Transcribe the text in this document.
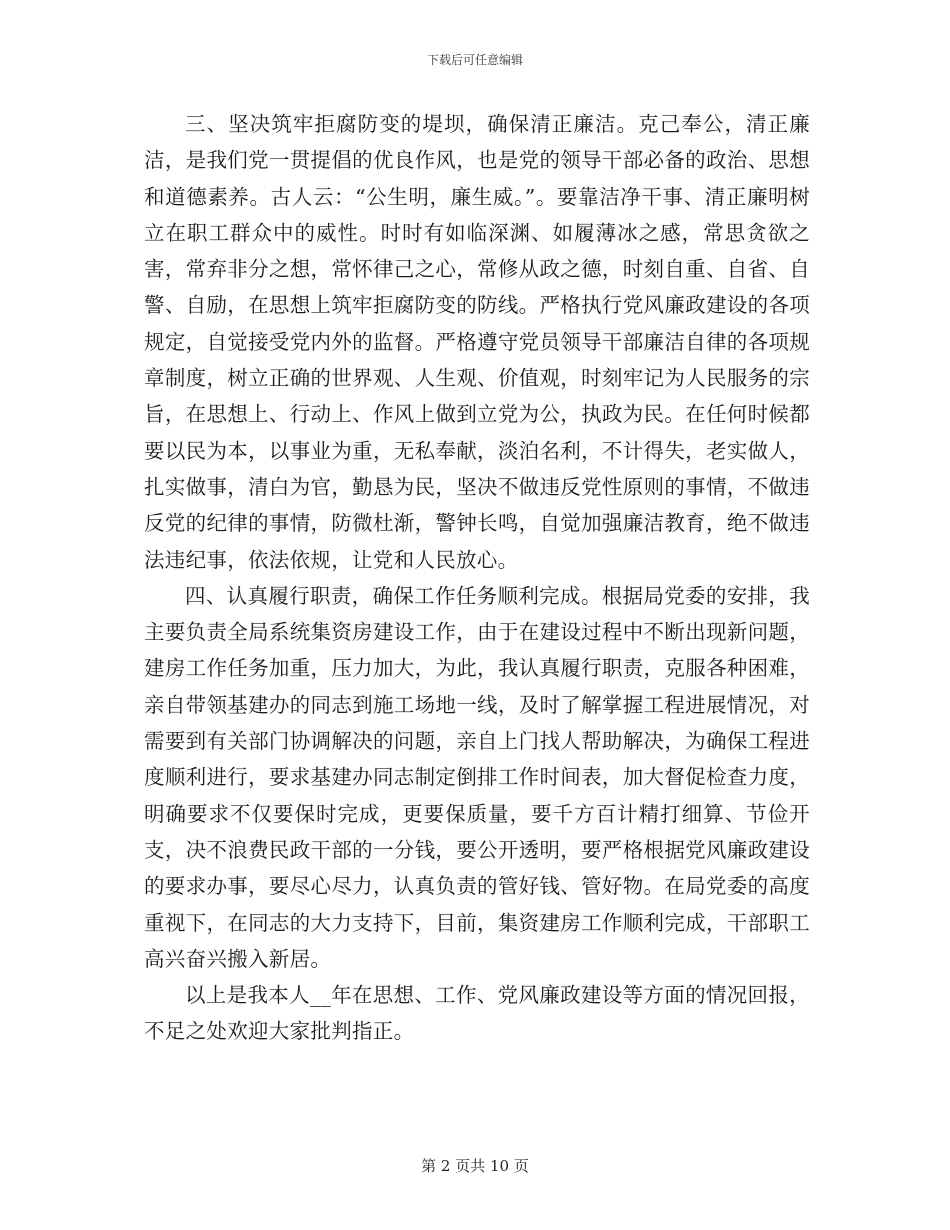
下载后可任意编辑

三、坚决筑牢拒腐防变的堤坝，确保清正廉洁。克己奉公，清正廉洁，是我们党一贯提倡的优良作风，也是党的领导干部必备的政治、思想和道德素养。古人云：“公生明，廉生威。”。要靠洁净干事、清正廉明树立在职工群众中的威性。时时有如临深渊、如履薄冰之感，常思贪欲之害，常弃非分之想，常怀律己之心，常修从政之德，时刻自重、自省、自警、自励，在思想上筑牢拒腐防变的防线。严格执行党风廉政建设的各项规定，自觉接受党内外的监督。严格遵守党员领导干部廉洁自律的各项规章制度，树立正确的世界观、人生观、价值观，时刻牢记为人民服务的宗旨，在思想上、行动上、作风上做到立党为公，执政为民。在任何时候都要以民为本，以事业为重，无私奉献，淡泊名利，不计得失，老实做人，扎实做事，清白为官，勤恳为民，坚决不做违反党性原则的事情，不做违反党的纪律的事情，防微杜渐，警钟长鸣，自觉加强廉洁教育，绝不做违法违纪事，依法依规，让党和人民放心。

四、认真履行职责，确保工作任务顺利完成。根据局党委的安排，我主要负责全局系统集资房建设工作，由于在建设过程中不断出现新问题，建房工作任务加重，压力加大，为此，我认真履行职责，克服各种困难，亲自带领基建办的同志到施工场地一线，及时了解掌握工程进展情况，对需要到有关部门协调解决的问题，亲自上门找人帮助解决，为确保工程进度顺利进行，要求基建办同志制定倒排工作时间表，加大督促检查力度，明确要求不仅要保时完成，更要保质量，要千方百计精打细算、节俭开支，决不浪费民政干部的一分钱，要公开透明，要严格根据党风廉政建设的要求办事，要尽心尽力，认真负责的管好钱、管好物。在局党委的高度重视下，在同志的大力支持下，目前，集资建房工作顺利完成，干部职工高兴奋兴搬入新居。

以上是我本人__年在思想、工作、党风廉政建设等方面的情况回报，不足之处欢迎大家批判指正。

第 2 页共 10 页
